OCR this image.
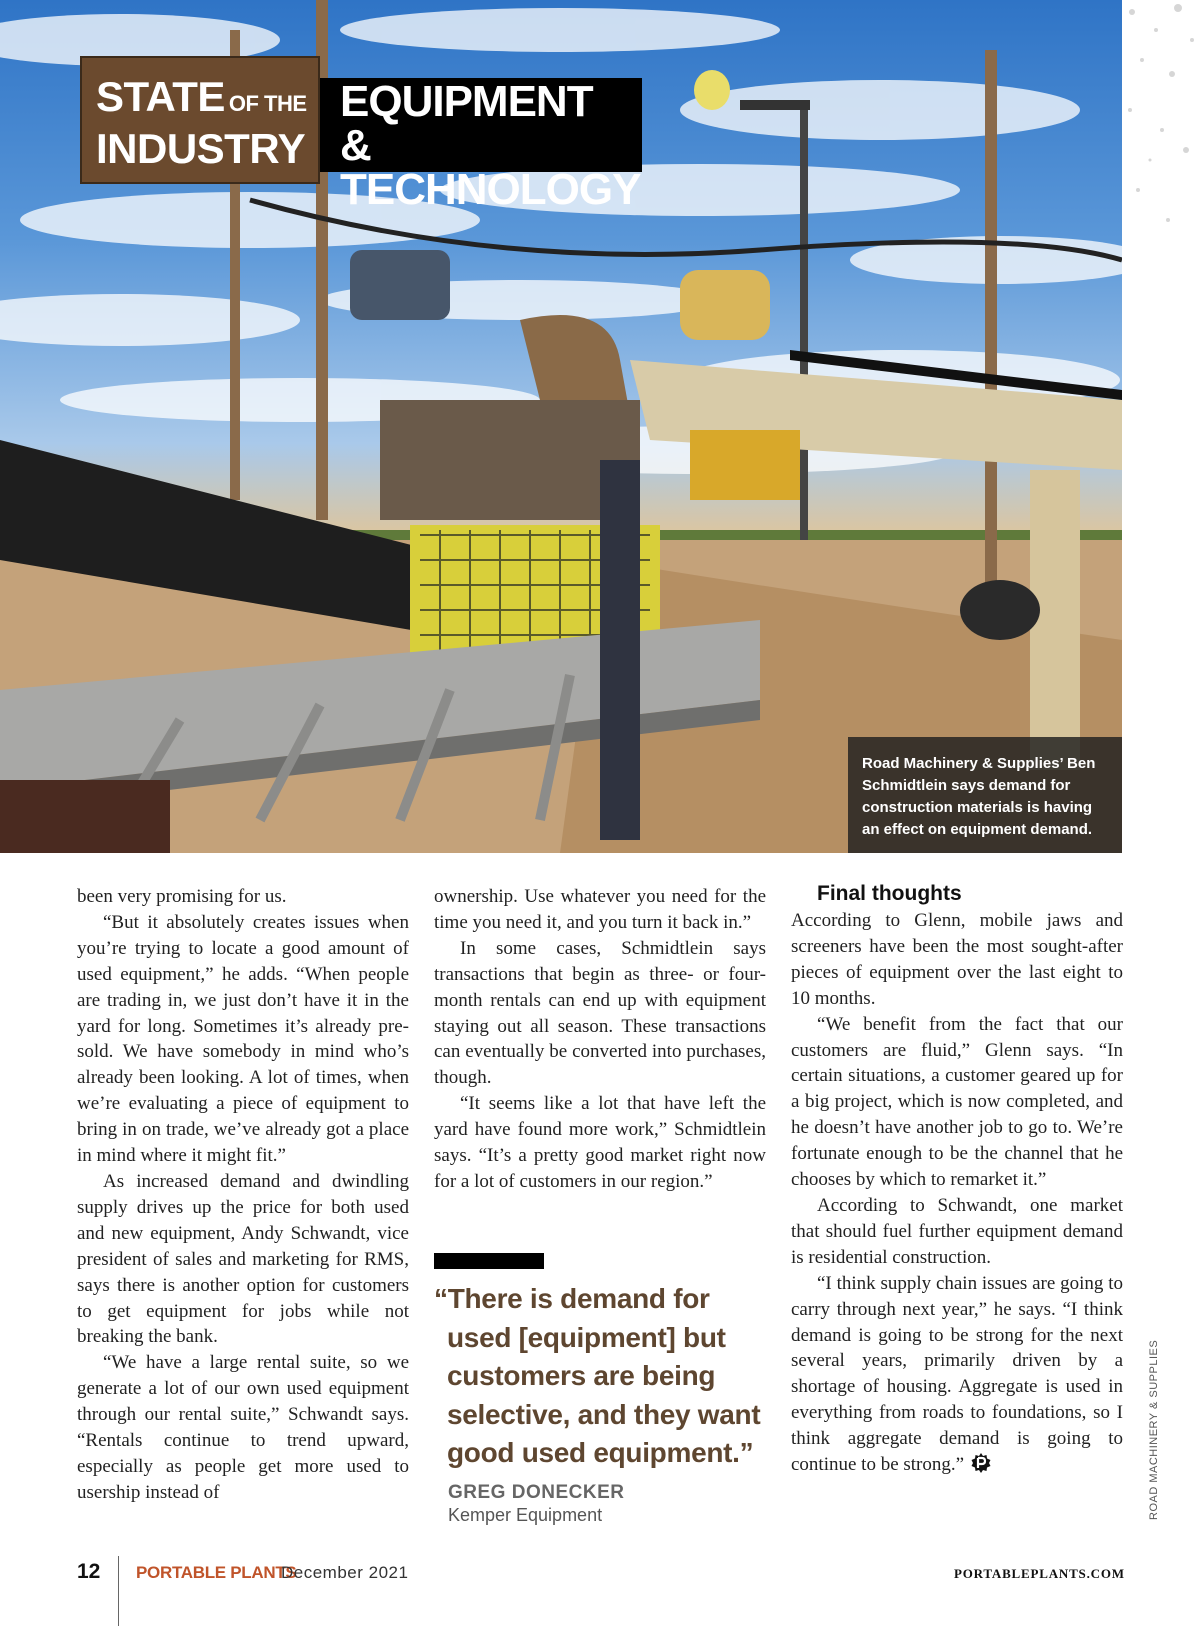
STATE OF THE
INDUSTRY
EQUIPMENT
& TECHNOLOGY
Road Machinery & Supplies’ Ben Schmidtlein says demand for construction materials is having an effect on equipment demand.

been very promising for us.

“But it absolutely creates issues when you’re trying to locate a good amount of used equipment,” he adds. “When people are trading in, we just don’t have it in the yard for long. Sometimes it’s already pre-sold. We have somebody in mind who’s already been looking. A lot of times, when we’re evaluating a piece of equipment to bring in on trade, we’ve already got a place in mind where it might fit.”

As increased demand and dwindling supply drives up the price for both used and new equipment, Andy Schwandt, vice president of sales and marketing for RMS, says there is another option for customers to get equipment for jobs while not breaking the bank.

“We have a large rental suite, so we generate a lot of our own used equipment through our rental suite,” Schwandt says. “Rentals continue to trend upward, especially as people get more used to usership instead of

ownership. Use whatever you need for the time you need it, and you turn it back in.”

In some cases, Schmidtlein says transactions that begin as three- or four-month rentals can end up with equipment staying out all season. These transactions can eventually be converted into purchases, though.

“It seems like a lot that have left the yard have found more work,” Schmidtlein says. “It’s a pretty good market right now for a lot of customers in our region.”

“There is demand for
used [equipment] but customers are being selective, and they want good used equipment.”
GREG DONECKER
Kemper Equipment

Final thoughts

According to Glenn, mobile jaws and screeners have been the most sought-after pieces of equipment over the last eight to 10 months.

“We benefit from the fact that our customers are fluid,” Glenn says. “In certain situations, a customer geared up for a big project, which is now completed, and he doesn’t have another job to go to. We’re fortunate enough to be the channel that he chooses by which to remarket it.”

According to Schwandt, one market that should fuel further equipment demand is residential construction.

“I think supply chain issues are going to carry through next year,” he says. “I think demand is going to be strong for the next several years, primarily driven by a shortage of housing. Aggregate is used in everything from roads to foundations, so I think aggregate demand is going to continue to be strong.”	ROAD MACHINERY & SUPPLIES
12 PORTABLE PLANTS
December 2021	PORTABLEPLANTS.COM
